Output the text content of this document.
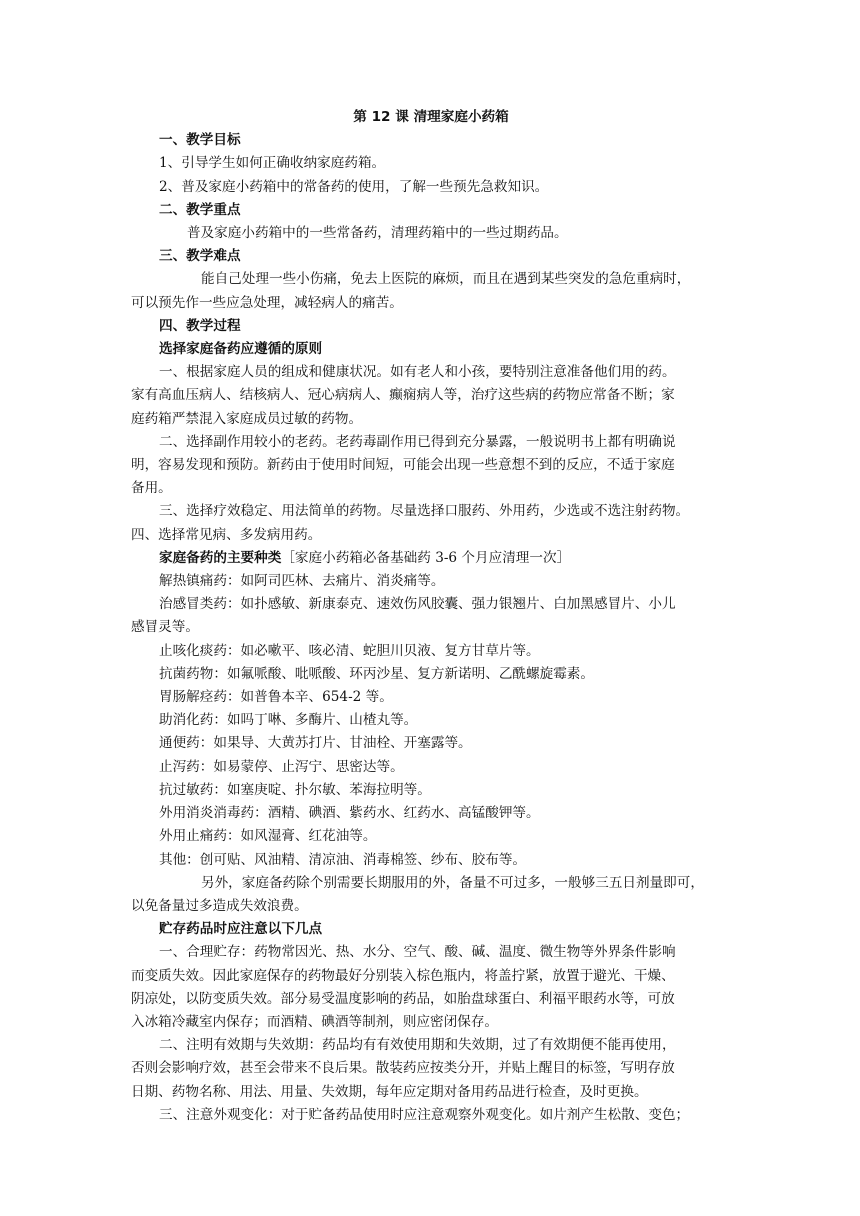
第 12 课 清理家庭小药箱

一、教学目标

1、引导学生如何正确收纳家庭药箱。

2、普及家庭小药箱中的常备药的使用，了解一些预先急救知识。

二、教学重点

普及家庭小药箱中的一些常备药，清理药箱中的一些过期药品。

三、教学难点

能自己处理一些小伤痛，免去上医院的麻烦，而且在遇到某些突发的急危重病时，

可以预先作一些应急处理，减轻病人的痛苦。

四、教学过程

选择家庭备药应遵循的原则

一、根据家庭人员的组成和健康状况。如有老人和小孩，要特别注意准备他们用的药。

家有高血压病人、结核病人、冠心病病人、癫痫病人等，治疗这些病的药物应常备不断；家

庭药箱严禁混入家庭成员过敏的药物。

二、选择副作用较小的老药。老药毒副作用已得到充分暴露，一般说明书上都有明确说

明，容易发现和预防。新药由于使用时间短，可能会出现一些意想不到的反应，不适于家庭

备用。

三、选择疗效稳定、用法简单的药物。尽量选择口服药、外用药，少选或不选注射药物。

四、选择常见病、多发病用药。

家庭备药的主要种类［家庭小药箱必备基础药 3-6 个月应清理一次］

解热镇痛药：如阿司匹林、去痛片、消炎痛等。

治感冒类药：如扑感敏、新康泰克、速效伤风胶囊、强力银翘片、白加黑感冒片、小儿

感冒灵等。

止咳化痰药：如必嗽平、咳必清、蛇胆川贝液、复方甘草片等。

抗菌药物：如氟哌酸、吡哌酸、环丙沙星、复方新诺明、乙酰螺旋霉素。

胃肠解痉药：如普鲁本辛、654-2 等。

助消化药：如吗丁啉、多酶片、山楂丸等。

通便药：如果导、大黄苏打片、甘油栓、开塞露等。

止泻药：如易蒙停、止泻宁、思密达等。

抗过敏药：如塞庚啶、扑尔敏、苯海拉明等。

外用消炎消毒药：酒精、碘酒、紫药水、红药水、高锰酸钾等。

外用止痛药：如风湿膏、红花油等。

其他：创可贴、风油精、清凉油、消毒棉签、纱布、胶布等。

另外，家庭备药除个别需要长期服用的外，备量不可过多，一般够三五日剂量即可，

以免备量过多造成失效浪费。

贮存药品时应注意以下几点

一、合理贮存：药物常因光、热、水分、空气、酸、碱、温度、微生物等外界条件影响

而变质失效。因此家庭保存的药物最好分别装入棕色瓶内，将盖拧紧，放置于避光、干燥、

阴凉处，以防变质失效。部分易受温度影响的药品，如胎盘球蛋白、利福平眼药水等，可放

入冰箱冷藏室内保存；而酒精、碘酒等制剂，则应密闭保存。

二、注明有效期与失效期：药品均有有效使用期和失效期，过了有效期便不能再使用，

否则会影响疗效，甚至会带来不良后果。散装药应按类分开，并贴上醒目的标签，写明存放

日期、药物名称、用法、用量、失效期，每年应定期对备用药品进行检查，及时更换。

三、注意外观变化：对于贮备药品使用时应注意观察外观变化。如片剂产生松散、变色；
